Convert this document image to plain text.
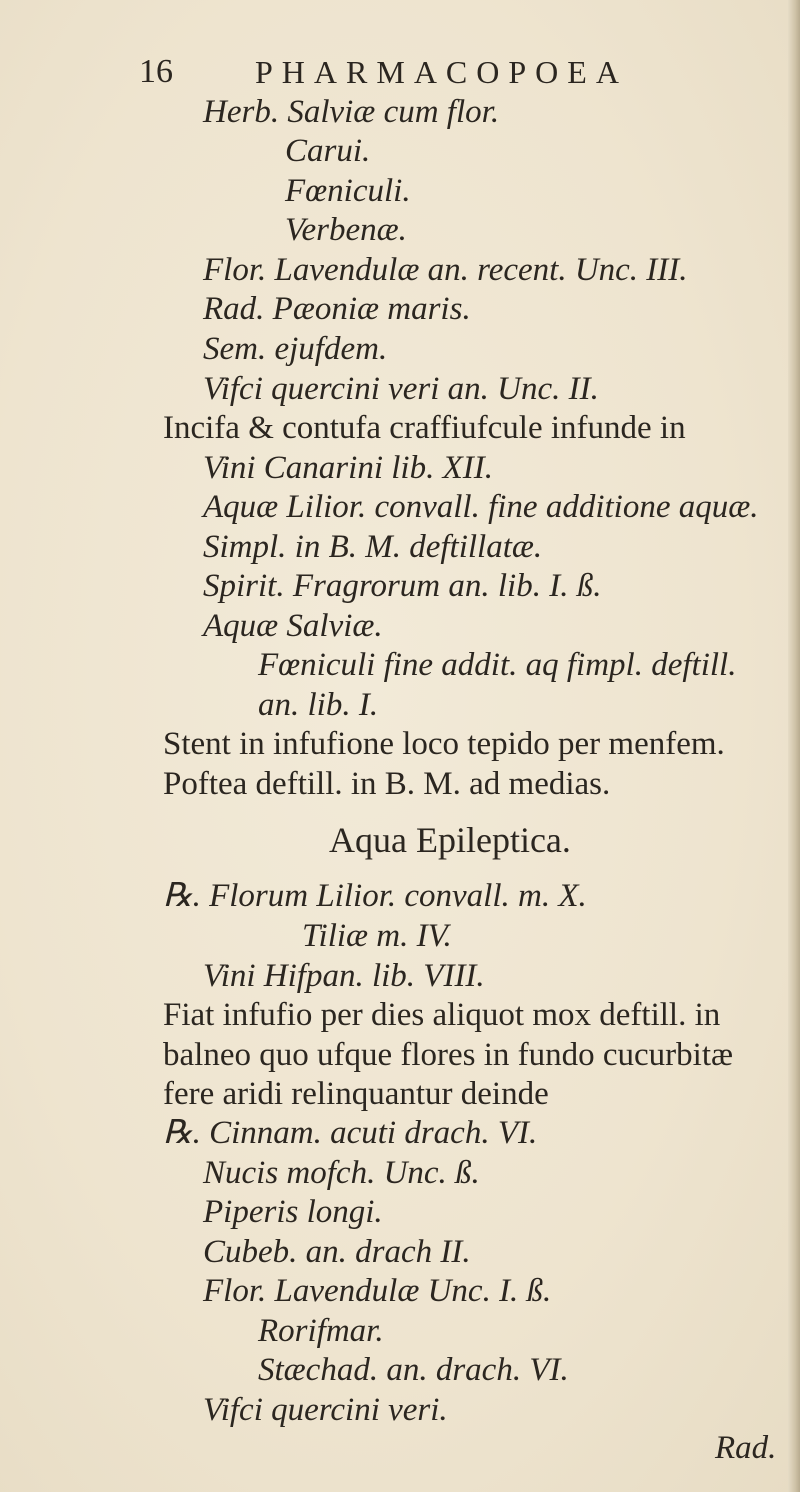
16	PHARMACOPOEA
Herb. Salviæ cum flor.
Carui.
Fœniculi.
Verbenæ.
Flor. Lavendulæ an. recent. Unc. III.
Rad. Pæoniæ maris.
Sem. ejufdem.
Vifci quercini veri an. Unc. II.
Incifa & contufa craffiufcule infunde in
Vini Canarini lib. XII.
Aquæ Lilior. convall. fine additione aquæ.
Simpl. in B. M. deftillatæ.
Spirit. Fragrorum an. lib. I. ß.
Aquæ Salviæ.
Fœniculi fine addit. aq fimpl. deftill.
an. lib. I.
Stent in infufione loco tepido per menfem.
Poftea deftill. in B. M. ad medias.
Aqua Epileptica.
℞. Florum Lilior. convall. m. X.
Tiliæ m. IV.
Vini Hifpan. lib. VIII.
Fiat infufio per dies aliquot mox deftill. in
balneo quo ufque flores in fundo cucurbitæ
fere aridi relinquantur deinde
℞. Cinnam. acuti drach. VI.
Nucis mofch. Unc. ß.
Piperis longi.
Cubeb. an. drach II.
Flor. Lavendulæ Unc. I. ß.
Rorifmar.
Stæchad. an. drach. VI.
Vifci quercini veri.
Rad.
